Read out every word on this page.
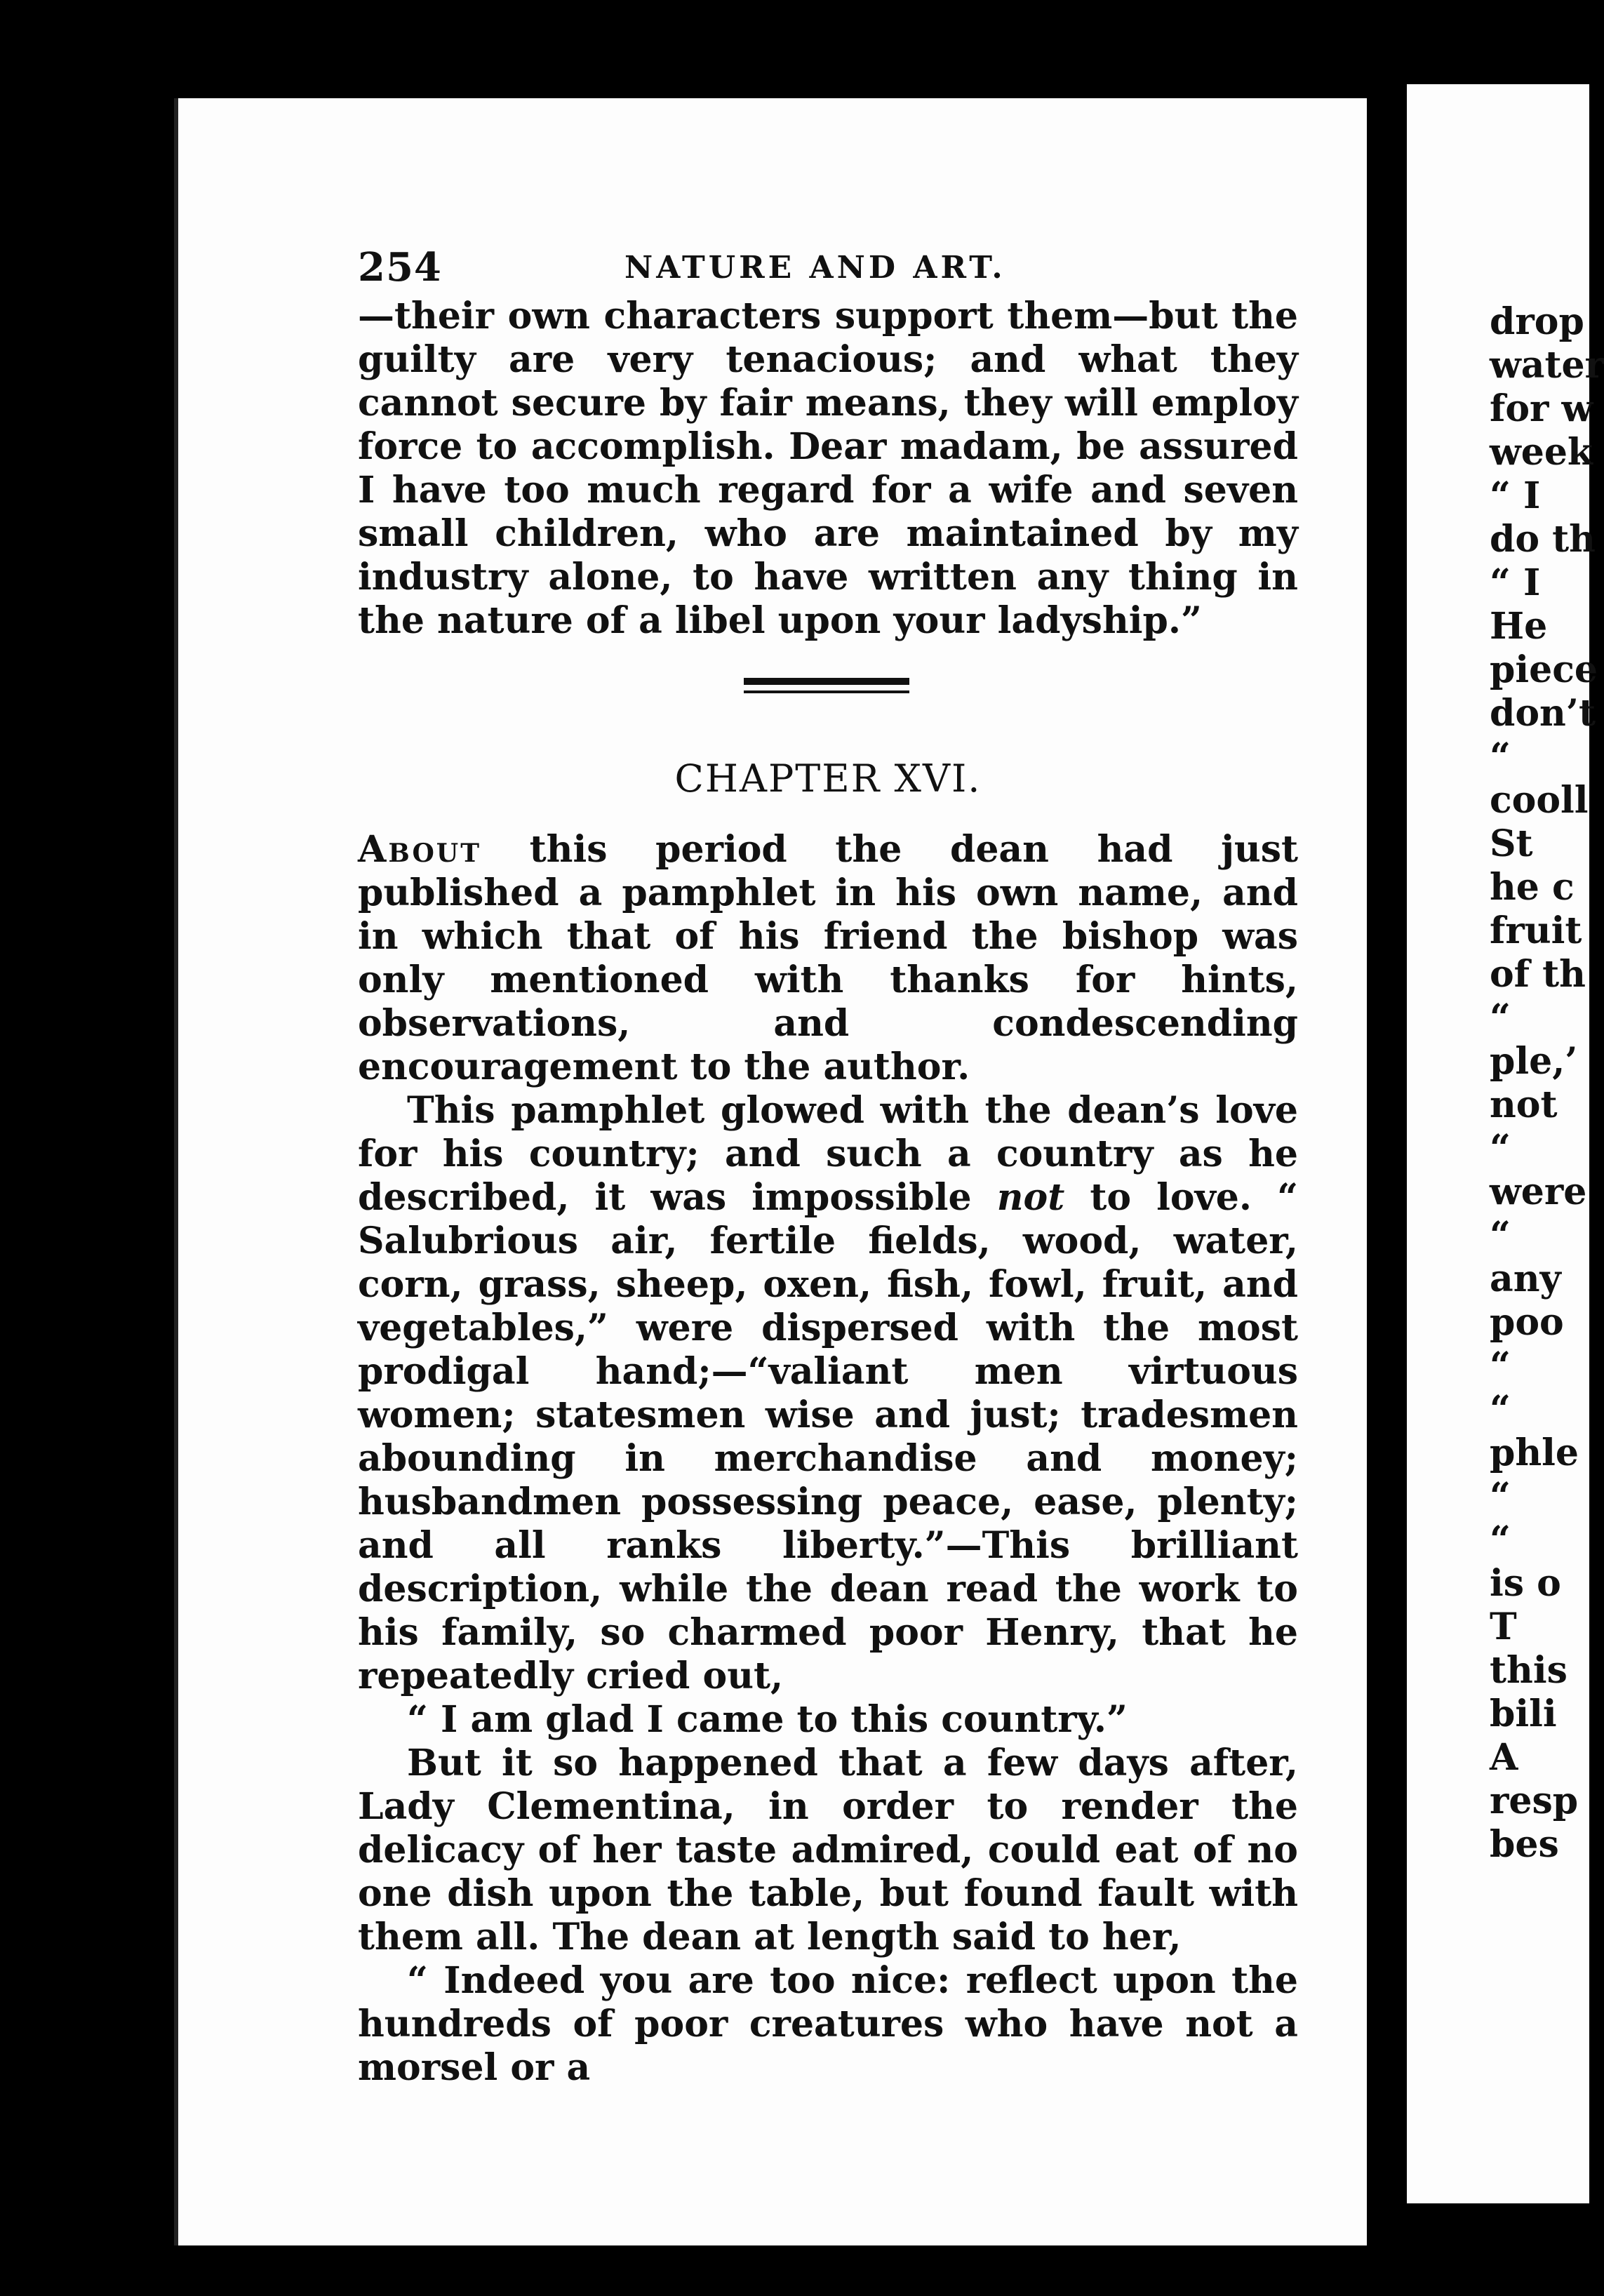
254	NATURE AND ART.

—their own characters support them—but the guilty are very tenacious; and what they cannot secure by fair means, they will employ force to accomplish. Dear madam, be assured I have too much regard for a wife and seven small children, who are maintained by my industry alone, to have written any thing in the nature of a libel upon your ladyship.”

CHAPTER XVI.

About this period the dean had just published a pamphlet in his own name, and in which that of his friend the bishop was only mentioned with thanks for hints, observations, and condescending encouragement to the author.

This pamphlet glowed with the dean’s love for his country; and such a country as he described, it was impossible not to love. “ Salubrious air, fertile fields, wood, water, corn, grass, sheep, oxen, fish, fowl, fruit, and vegetables,” were dispersed with the most prodigal hand;—“valiant men virtuous women; statesmen wise and just; tradesmen abounding in merchandise and money; husbandmen possessing peace, ease, plenty; and all ranks liberty.”—This brilliant description, while the dean read the work to his family, so charmed poor Henry, that he repeatedly cried out,

“ I am glad I came to this country.”

But it so happened that a few days after, Lady Clementina, in order to render the delicacy of her taste admired, could eat of no one dish upon the table, but found fault with them all. The dean at length said to her,

“ Indeed you are too nice: reflect upon the hundreds of poor creatures who have not a morsel or a

drop
water
for w
week
“ I
do th
“ I
He
piece
don’t
“
cooll
St
he c
fruit
of th
“
ple,’
not
“
were
“
any
poo
“
“
phle
“
“
is o
T
this
bili
A
resp
bes
